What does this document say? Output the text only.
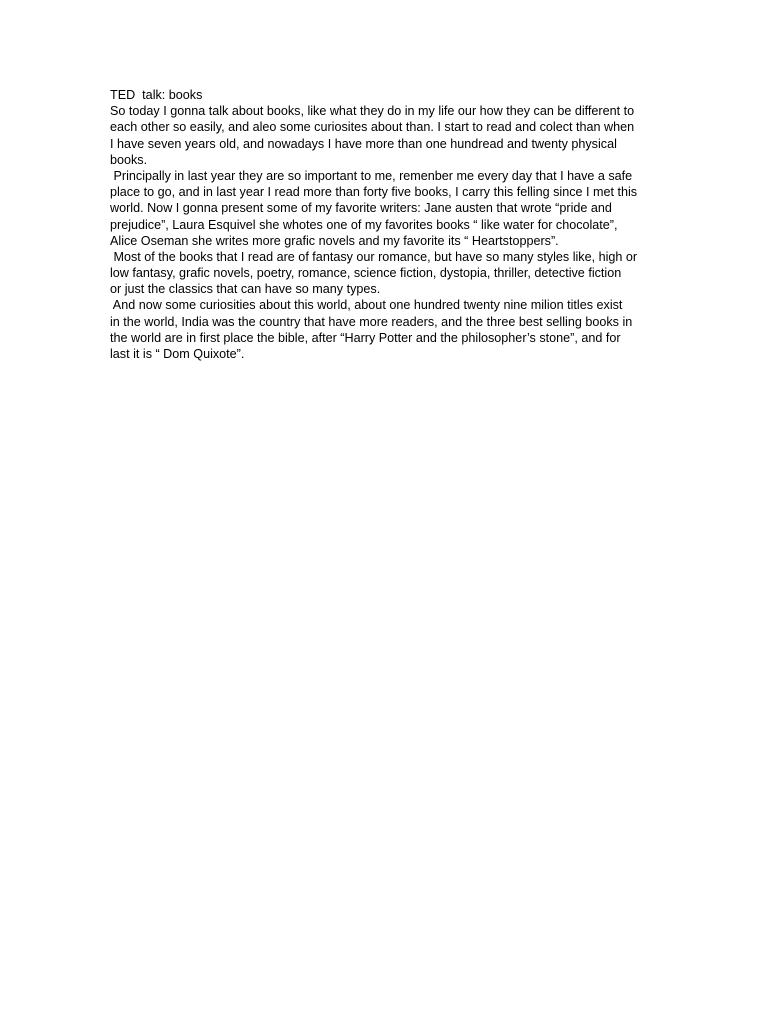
TED  talk: books
So today I gonna talk about books, like what they do in my life our how they can be different to
each other so easily, and aleo some curiosites about than. I start to read and colect than when
I have seven years old, and nowadays I have more than one hundread and twenty physical
books.
Principally in last year they are so important to me, remenber me every day that I have a safe
place to go, and in last year I read more than forty five books, I carry this felling since I met this
world. Now I gonna present some of my favorite writers: Jane austen that wrote “pride and
prejudice”, Laura Esquivel she whotes one of my favorites books “ like water for chocolate”,
Alice Oseman she writes more grafic novels and my favorite its “ Heartstoppers”.
Most of the books that I read are of fantasy our romance, but have so many styles like, high or
low fantasy, grafic novels, poetry, romance, science fiction, dystopia, thriller, detective fiction
or just the classics that can have so many types.
And now some curiosities about this world, about one hundred twenty nine milion titles exist
in the world, India was the country that have more readers, and the three best selling books in
the world are in first place the bible, after “Harry Potter and the philosopher’s stone”, and for
last it is “ Dom Quixote”.
